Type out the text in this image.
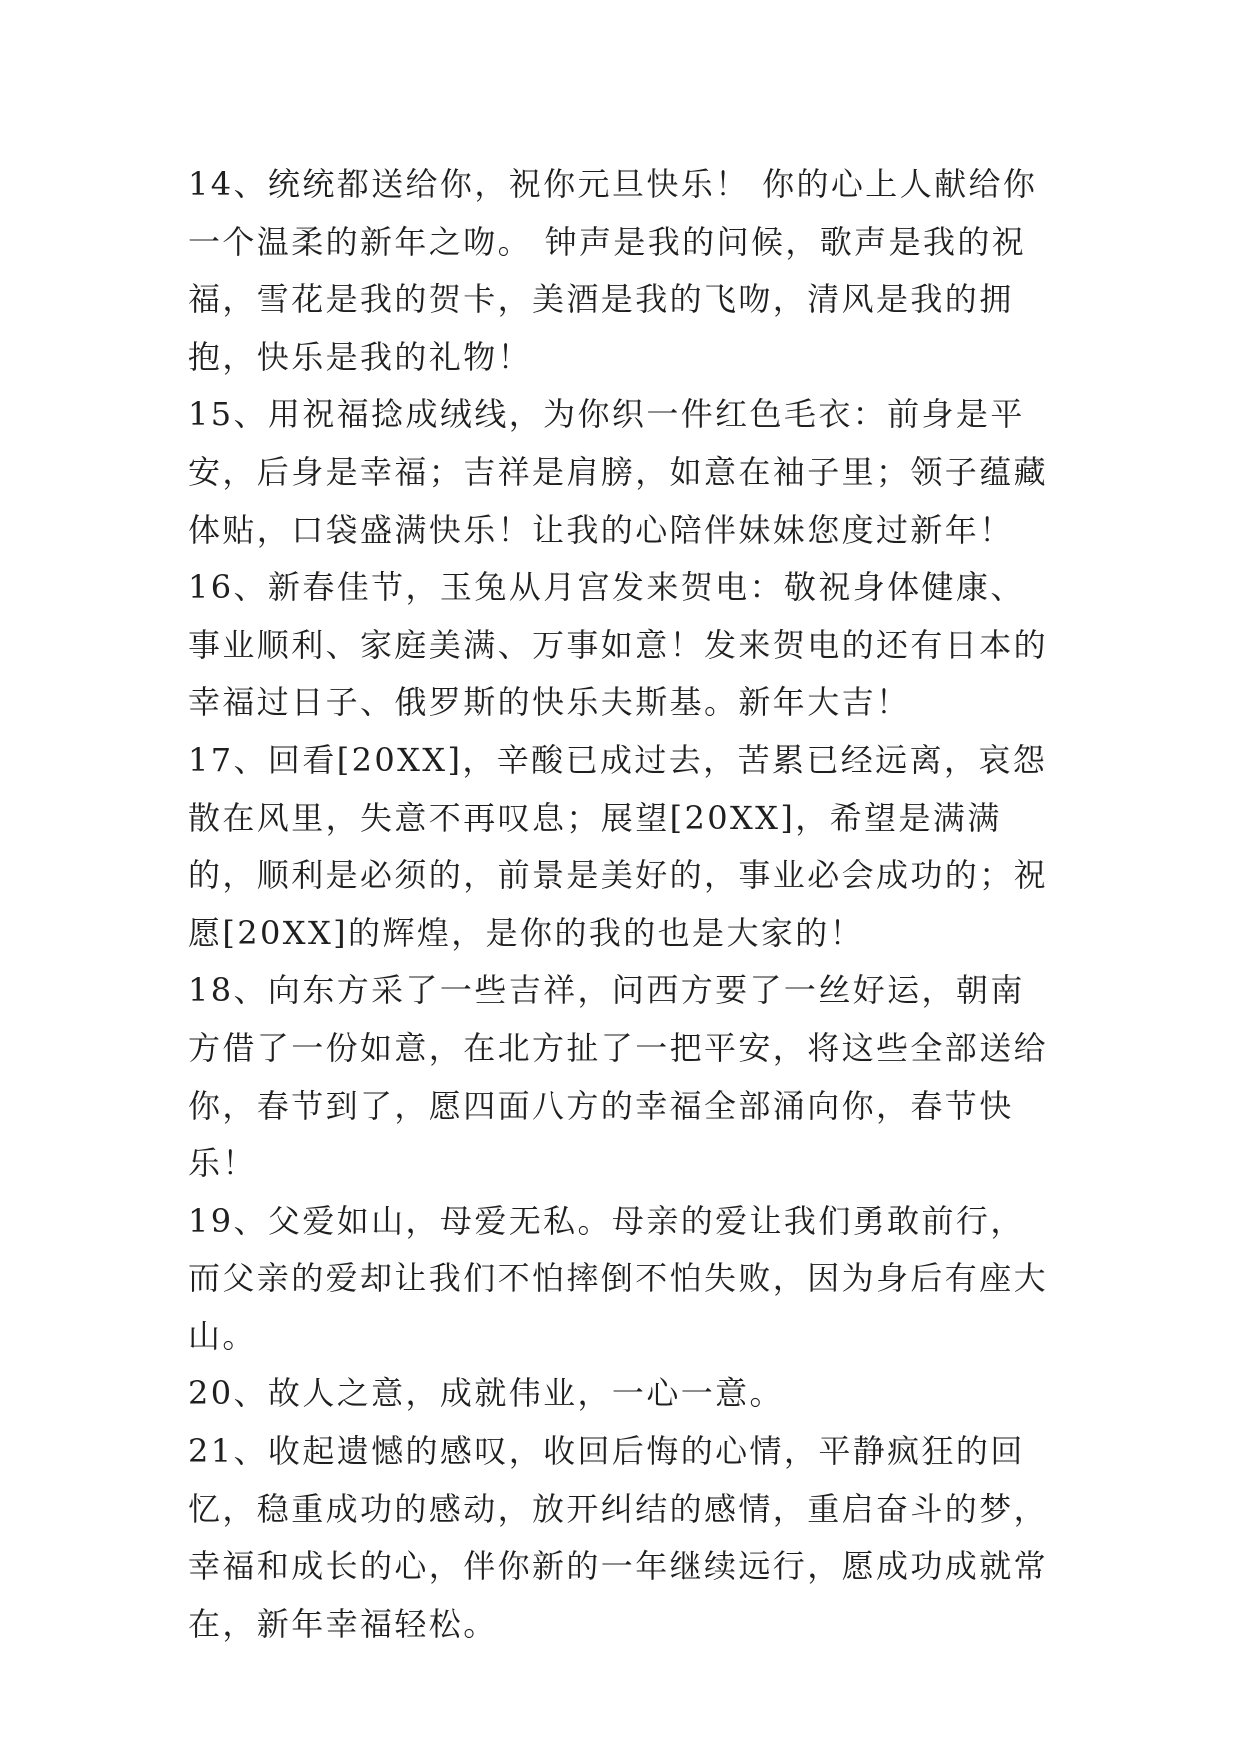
14、统统都送给你，祝你元旦快乐！ 你的心上人献给你一个温柔的新年之吻。 钟声是我的问候，歌声是我的祝福，雪花是我的贺卡，美酒是我的飞吻，清风是我的拥抱，快乐是我的礼物！

15、用祝福捻成绒线，为你织一件红色毛衣：前身是平安，后身是幸福；吉祥是肩膀，如意在袖子里；领子蕴藏体贴，口袋盛满快乐！让我的心陪伴妹妹您度过新年！

16、新春佳节，玉兔从月宫发来贺电：敬祝身体健康、事业顺利、家庭美满、万事如意！发来贺电的还有日本的幸福过日子、俄罗斯的快乐夫斯基。新年大吉！

17、回看[20XX]，辛酸已成过去，苦累已经远离，哀怨散在风里，失意不再叹息；展望[20XX]，希望是满满的，顺利是必须的，前景是美好的，事业必会成功的；祝愿[20XX]的辉煌，是你的我的也是大家的！

18、向东方采了一些吉祥，问西方要了一丝好运，朝南方借了一份如意，在北方扯了一把平安，将这些全部送给你，春节到了，愿四面八方的幸福全部涌向你，春节快乐！

19、父爱如山，母爱无私。母亲的爱让我们勇敢前行，而父亲的爱却让我们不怕摔倒不怕失败，因为身后有座大山。

20、故人之意，成就伟业，一心一意。

21、收起遗憾的感叹，收回后悔的心情，平静疯狂的回忆，稳重成功的感动，放开纠结的感情，重启奋斗的梦，幸福和成长的心，伴你新的一年继续远行，愿成功成就常在，新年幸福轻松。
